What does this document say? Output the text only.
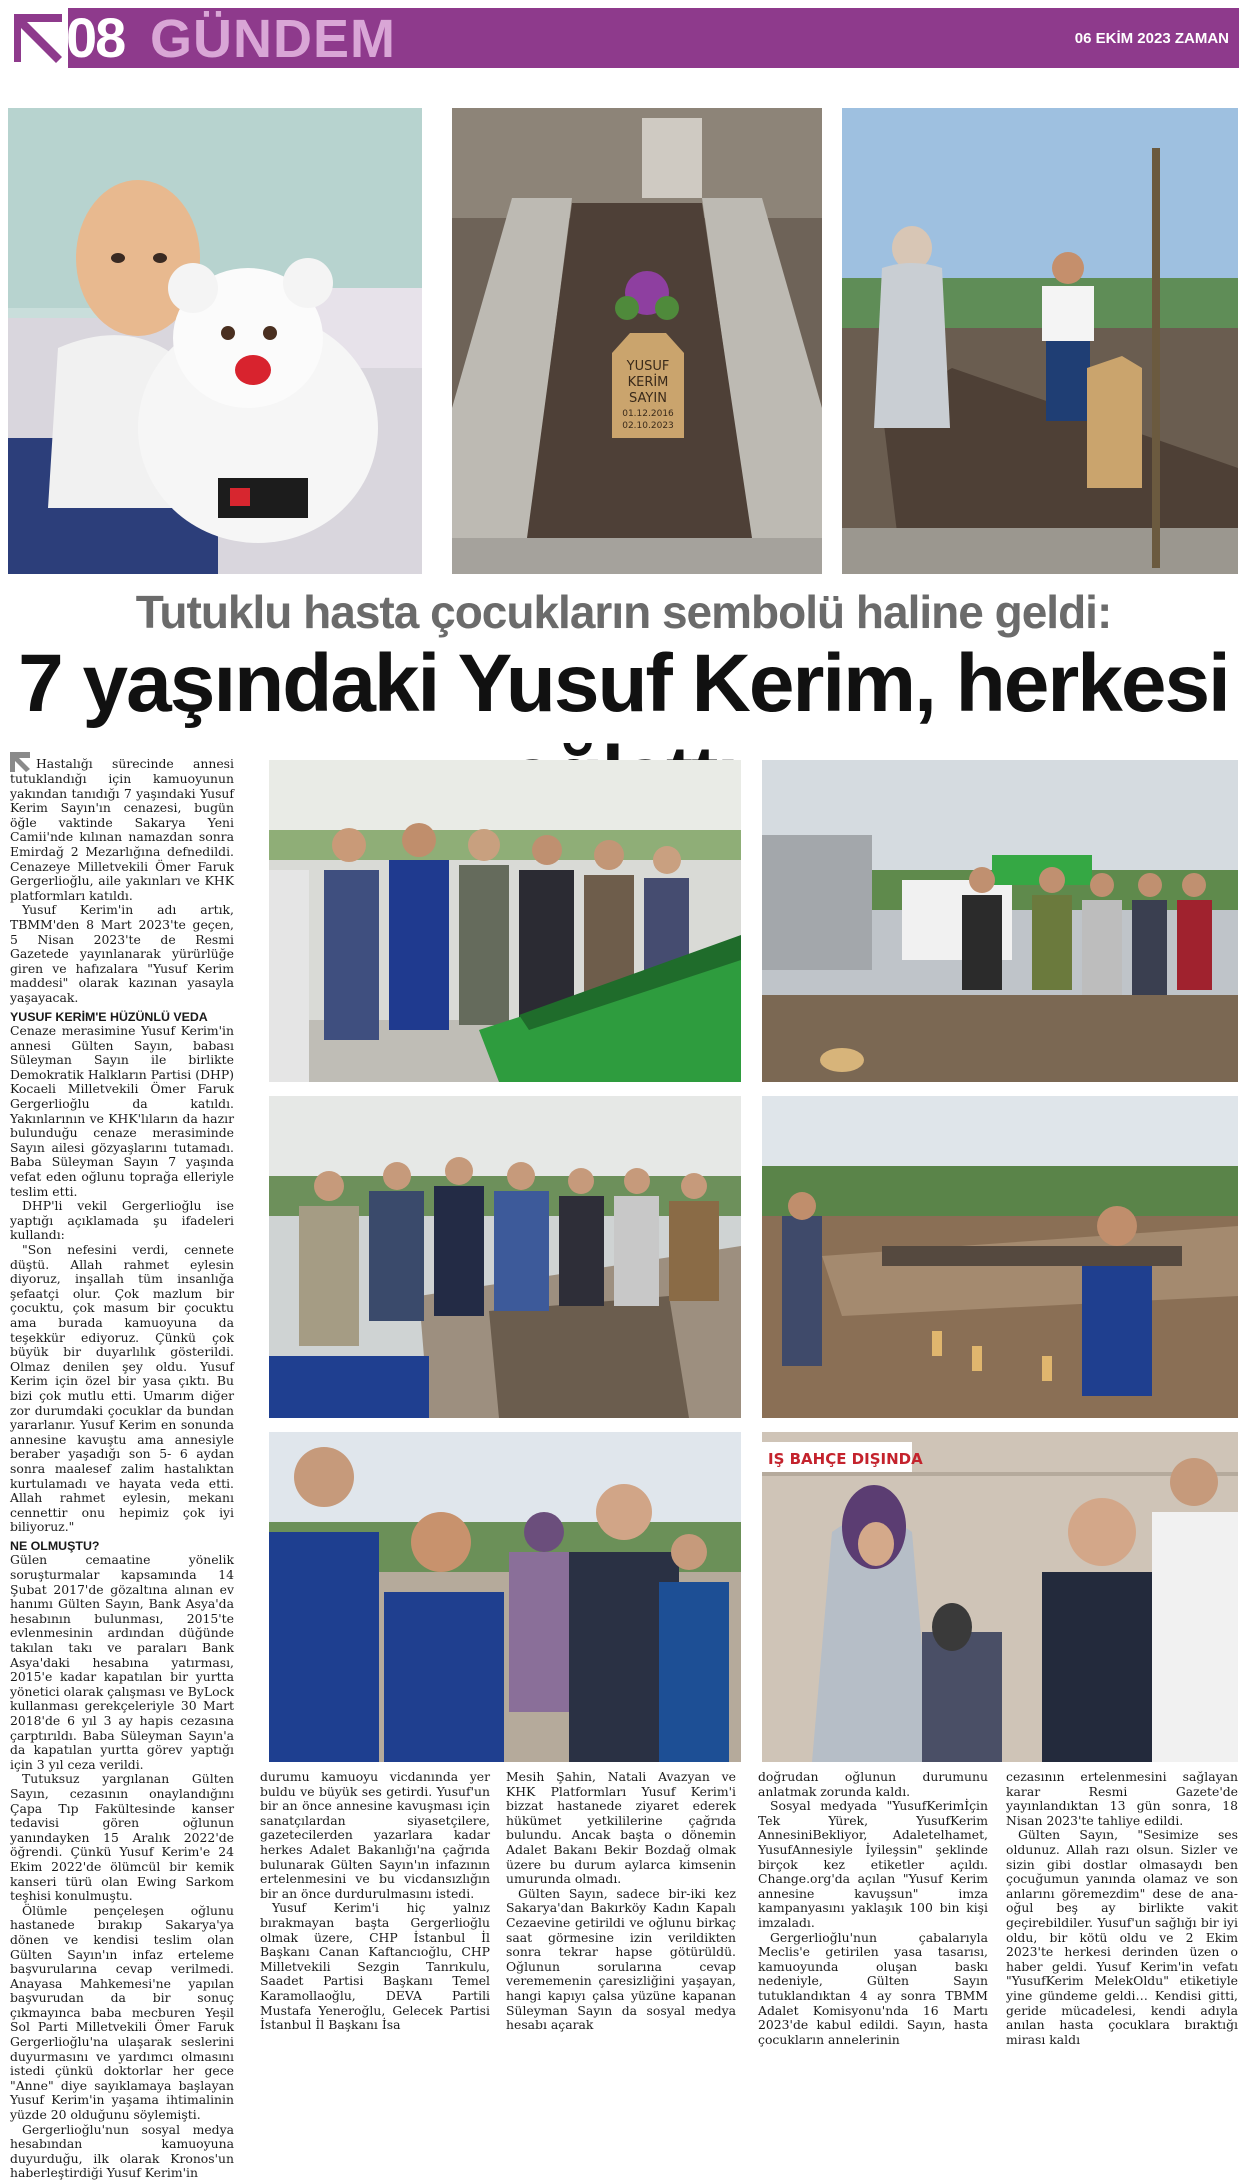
08 GÜNDEM	06 EKİM 2023 ZAMAN
YUSUF
KERİM
SAYIN
01.12.2016
02.10.2023
Tutuklu hasta çocukların sembolü haline geldi:
7 yaşındaki Yusuf Kerim, herkesi
IŞ BAHÇE DIŞINDA

Hastalığı sürecinde annesi tutuklandığı için kamuoyunun yakından tanıdığı 7 yaşındaki Yusuf Kerim Sayın'ın cenazesi, bugün öğle vaktinde Sakarya Yeni Camii'nde kılınan namazdan sonra Emirdağ 2 Mezarlığına defnedildi. Cenazeye Milletvekili Ömer Faruk Gergerlioğlu, aile yakınları ve KHK platformları katıldı.

Yusuf Kerim'in adı artık, TBMM'den 8 Mart 2023'te geçen, 5 Nisan 2023'te de Resmi Gazetede yayınlanarak yürürlüğe giren ve hafızalara "Yusuf Kerim maddesi" olarak kazınan yasayla yaşayacak.

YUSUF KERİM'E HÜZÜNLÜ VEDA

Cenaze merasimine Yusuf Kerim'in annesi Gülten Sayın, babası Süleyman Sayın ile birlikte Demokratik Halkların Partisi (DHP) Kocaeli Milletvekili Ömer Faruk Gergerlioğlu da katıldı. Yakınlarının ve KHK'lıların da hazır bulunduğu cenaze merasiminde Sayın ailesi gözyaşlarını tutamadı. Baba Süleyman Sayın 7 yaşında vefat eden oğlunu toprağa elleriyle teslim etti.

DHP'li vekil Gergerlioğlu ise yaptığı açıklamada şu ifadeleri kullandı:

"Son nefesini verdi, cennete düştü. Allah rahmet eylesin diyoruz, inşallah tüm insanlığa şefaatçi olur. Çok mazlum bir çocuktu, çok masum bir çocuktu ama burada kamuoyuna da teşekkür ediyoruz. Çünkü çok büyük bir duyarlılık gösterildi. Olmaz denilen şey oldu. Yusuf Kerim için özel bir yasa çıktı. Bu bizi çok mutlu etti. Umarım diğer zor durumdaki çocuklar da bundan yararlanır. Yusuf Kerim en sonunda annesine kavuştu ama annesiyle beraber yaşadığı son 5- 6 aydan sonra maalesef zalim hastalıktan kurtulamadı ve hayata veda etti. Allah rahmet eylesin, mekanı cennettir onu hepimiz çok iyi biliyoruz."

NE OLMUŞTU?

Gülen cemaatine yönelik soruşturmalar kapsamında 14 Şubat 2017'de gözaltına alınan ev hanımı Gülten Sayın, Bank Asya'da hesabının bulunması, 2015'te evlenmesinin ardından düğünde takılan takı ve paraları Bank Asya'daki hesabına yatırması, 2015'e kadar kapatılan bir yurtta yönetici olarak çalışması ve ByLock kullanması gerekçeleriyle 30 Mart 2018'de 6 yıl 3 ay hapis cezasına çarptırıldı. Baba Süleyman Sayın'a da kapatılan yurtta görev yaptığı için 3 yıl ceza verildi.

Tutuksuz yargılanan Gülten Sayın, cezasının onaylandığını Çapa Tıp Fakültesinde kanser tedavisi gören oğlunun yanındayken 15 Aralık 2022'de öğrendi. Çünkü Yusuf Kerim'e 24 Ekim 2022'de ölümcül bir kemik kanseri türü olan Ewing Sarkom teşhisi konulmuştu.

Ölümle pençeleşen oğlunu hastanede bırakıp Sakarya'ya dönen ve kendisi teslim olan Gülten Sayın'ın infaz erteleme başvurularına cevap verilmedi. Anayasa Mahkemesi'ne yapılan başvurudan da bir sonuç çıkmayınca baba mecburen Yeşil Sol Parti Milletvekili Ömer Faruk Gergerlioğlu'na ulaşarak seslerini duyurmasını ve yardımcı olmasını istedi çünkü doktorlar her gece "Anne" diye sayıklamaya başlayan Yusuf Kerim'in yaşama ihtimalinin yüzde 20 olduğunu söylemişti.

Gergerlioğlu'nun sosyal medya hesabından kamuoyuna duyurduğu, ilk olarak Kronos'un haberleştirdiği Yusuf Kerim'in

durumu kamuoyu vicdanında yer buldu ve büyük ses getirdi. Yusuf'un bir an önce annesine kavuşması için sanatçılardan siyasetçilere, gazetecilerden yazarlara kadar herkes Adalet Bakanlığı'na çağrıda bulunarak Gülten Sayın'ın infazının ertelenmesini ve bu vicdansızlığın bir an önce durdurulmasını istedi.

Yusuf Kerim'i hiç yalnız bırakmayan başta Gergerlioğlu olmak üzere, CHP İstanbul İl Başkanı Canan Kaftancıoğlu, CHP Milletvekili Sezgin Tanrıkulu, Saadet Partisi Başkanı Temel Karamollaoğlu, DEVA Partili Mustafa Yeneroğlu, Gelecek Partisi İstanbul İl Başkanı İsa

Mesih Şahin, Natali Avazyan ve KHK Platformları Yusuf Kerim'i bizzat hastanede ziyaret ederek hükümet yetkililerine çağrıda bulundu. Ancak başta o dönemin Adalet Bakanı Bekir Bozdağ olmak üzere bu durum aylarca kimsenin umurunda olmadı.

Gülten Sayın, sadece bir-iki kez Sakarya'dan Bakırköy Kadın Kapalı Cezaevine getirildi ve oğlunu birkaç saat görmesine izin verildikten sonra tekrar hapse götürüldü. Oğlunun sorularına cevap verememenin çaresizliğini yaşayan, hangi kapıyı çalsa yüzüne kapanan Süleyman Sayın da sosyal medya hesabı açarak

doğrudan oğlunun durumunu anlatmak zorunda kaldı.

Sosyal medyada "YusufKerimİçin Tek Yürek, YusufKerim AnnesiniBekliyor, Adaletelhamet, YusufAnnesiyle İyileşsin" şeklinde birçok kez etiketler açıldı. Change.org'da açılan "Yusuf Kerim annesine kavuşsun" imza kampanyasını yaklaşık 100 bin kişi imzaladı.

Gergerlioğlu'nun çabalarıyla Meclis'e getirilen yasa tasarısı, kamuoyunda oluşan baskı nedeniyle, Gülten Sayın tutuklandıktan 4 ay sonra TBMM Adalet Komisyonu'nda 16 Martı 2023'de kabul edildi. Sayın, hasta çocukların annelerinin

cezasının ertelenmesini sağlayan karar Resmi Gazete'de yayınlandıktan 13 gün sonra, 18 Nisan 2023'te tahliye edildi.

Gülten Sayın, "Sesimize ses oldunuz. Allah razı olsun. Sizler ve sizin gibi dostlar olmasaydı ben çocuğumun yanında olamaz ve son anlarını göremezdim" dese de ana-oğul beş ay birlikte vakit geçirebildiler. Yusuf'un sağlığı bir iyi oldu, bir kötü oldu ve 2 Ekim 2023'te herkesi derinden üzen o haber geldi. Yusuf Kerim'in vefatı "YusufKerim MelekOldu" etiketiyle yine gündeme geldi… Kendisi gitti, geride mücadelesi, kendi adıyla anılan hasta çocuklara bıraktığı mirası kaldı
